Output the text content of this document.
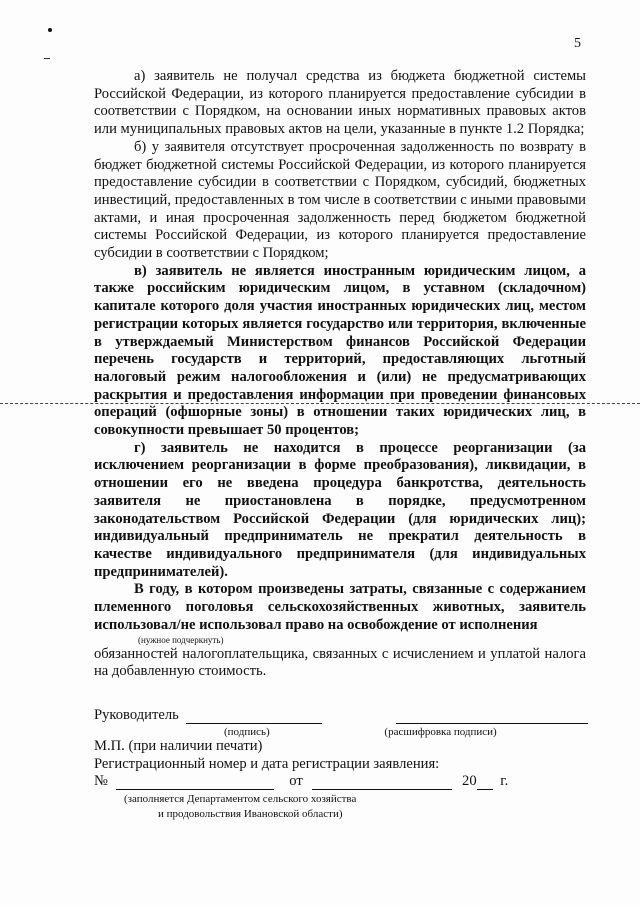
5

а) заявитель не получал средства из бюджета бюджетной системы Российской Федерации, из которого планируется предоставление субсидии в соответствии с Порядком, на основании иных нормативных правовых актов или муниципальных правовых актов на цели, указанные в пункте 1.2 Порядка;

б) у заявителя отсутствует просроченная задолженность по возврату в бюджет бюджетной системы Российской Федерации, из которого планируется предоставление субсидии в соответствии с Порядком, субсидий, бюджетных инвестиций, предоставленных в том числе в соответствии с иными правовыми актами, и иная просроченная задолженность перед бюджетом бюджетной системы Российской Федерации, из которого планируется предоставление субсидии в соответствии с Порядком;

в) заявитель не является иностранным юридическим лицом, а также российским юридическим лицом, в уставном (складочном) капитале которого доля участия иностранных юридических лиц, местом регистрации которых является государство или территория, включенные в утверждаемый Министерством финансов Российской Федерации перечень государств и территорий, предоставляющих льготный налоговый режим налогообложения и (или) не предусматривающих раскрытия и предоставления информации при проведении финансовых операций (офшорные зоны) в отношении таких юридических лиц, в совокупности превышает 50 процентов;

г) заявитель не находится в процессе реорганизации (за исключением реорганизации в форме преобразования), ликвидации, в отношении его не введена процедура банкротства, деятельность заявителя не приостановлена в порядке, предусмотренном законодательством Российской Федерации (для юридических лиц); индивидуальный предприниматель не прекратил деятельность в качестве индивидуального предпринимателя (для индивидуальных предпринимателей).

В году, в котором произведены затраты, связанные с содержанием племенного поголовья сельскохозяйственных животных, заявитель использовал/не использовал право на освобождение от исполнения

(нужное подчеркнуть)

обязанностей налогоплательщика, связанных с исчислением и уплатой налога на добавленную стоимость.

Руководитель
(подпись)	(расшифровка подписи)
М.П. (при наличии печати)
Регистрационный номер и дата регистрации заявления:
№	от	20 г.
(заполняется Департаментом сельского хозяйства
и продовольствия Ивановской области)
